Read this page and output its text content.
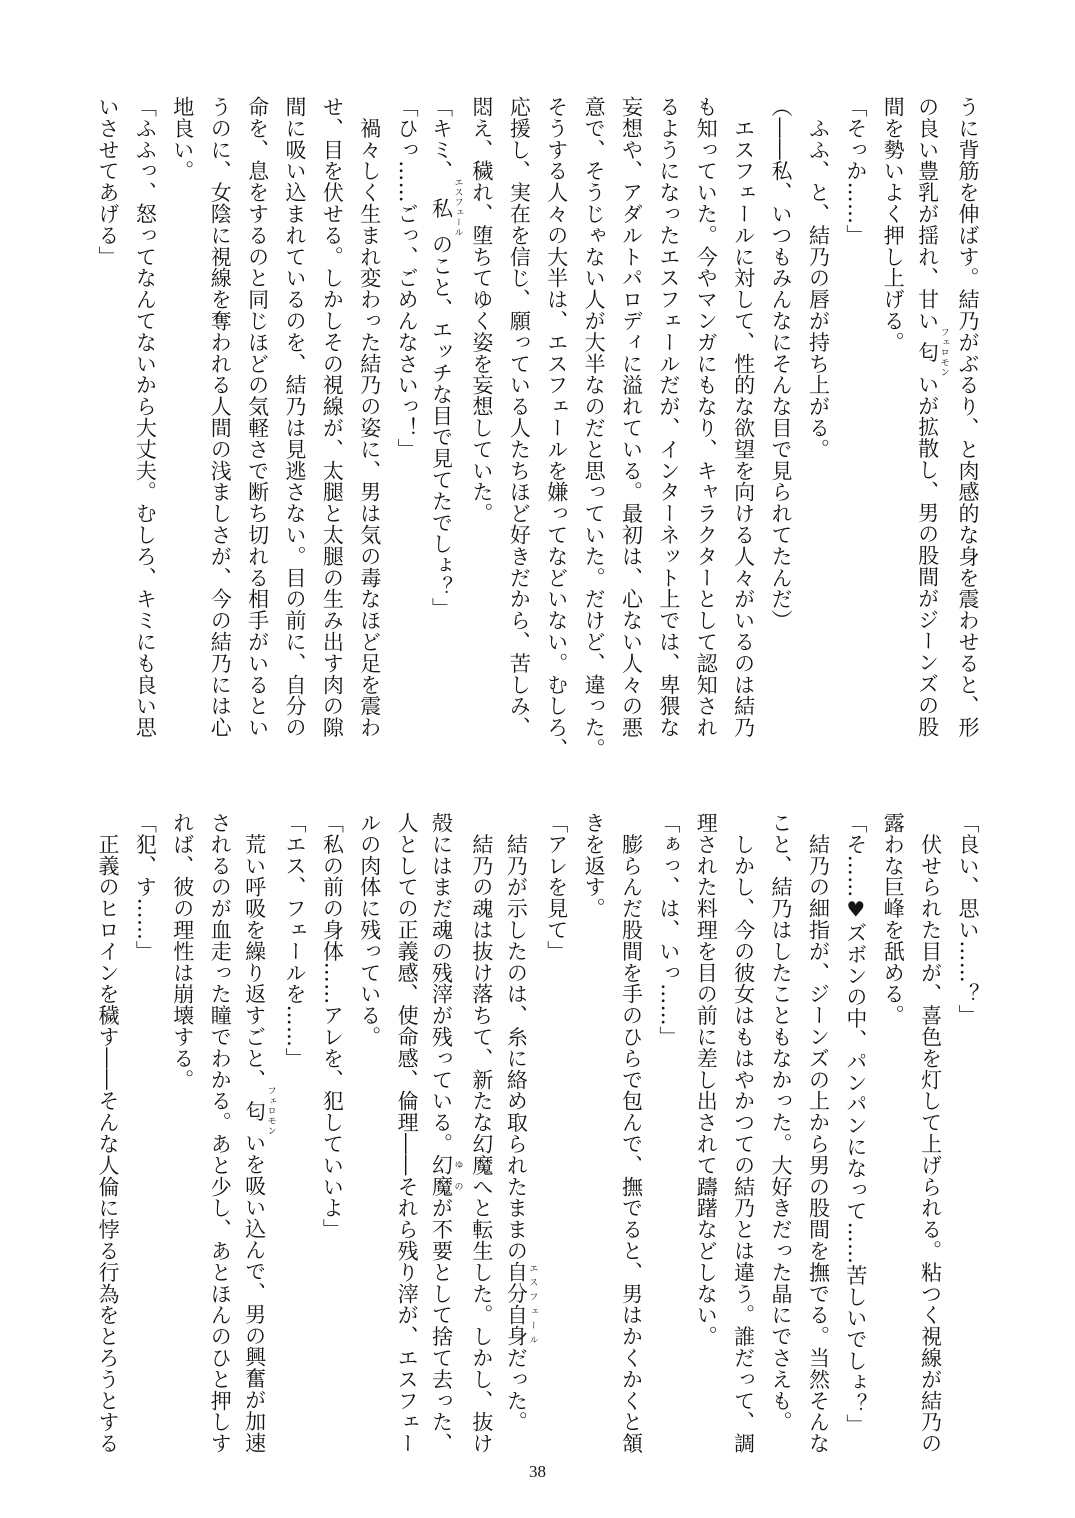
うに背筋を伸ばす。結乃がぶるり、と肉感的な身を震わせると、形
の良い豊乳が揺れ、甘い匂 フェロモンいが拡散し、男の股間がジーンズの股
間を勢いよく押し上げる。
「そっか……」
　ふふ、と、結乃の唇が持ち上がる。
（――私、いつもみんなにそんな目で見られてたんだ）
　エスフェールに対して、性的な欲望を向ける人々がいるのは結乃
も知っていた。今やマンガにもなり、キャラクターとして認知され
るようになったエスフェールだが、インターネット上では、卑猥な
妄想や、アダルトパロディに溢れている。最初は、心ない人々の悪
意で、そうじゃない人が大半なのだと思っていた。だけど、違った。
そうする人々の大半は、エスフェールを嫌ってなどいない。むしろ、
応援し、実在を信じ、願っている人たちほど好きだから、苦しみ、
悶え、穢れ、堕ちてゆく姿を妄想していた。
「キミ、私 エスフェールのこと、エッチな目で見てたでしょ？」
「ひっ……ごっ、ごめんなさいっ！」
　禍々しく生まれ変わった結乃の姿に、男は気の毒なほど足を震わ
せ、目を伏せる。しかしその視線が、太腿と太腿の生み出す肉の隙
間に吸い込まれているのを、結乃は見逃さない。目の前に、自分の
命を、息をするのと同じほどの気軽さで断ち切れる相手がいるとい
うのに、女陰に視線を奪われる人間の浅ましさが、今の結乃には心
地良い。
「ふふっ、怒ってなんてないから大丈夫。むしろ、キミにも良い思
いさせてあげる」
「良い、思い……？」
　伏せられた目が、喜色を灯して上げられる。粘つく視線が結乃の
露わな巨峰を舐める。
「そ……♥ズボンの中、パンパンになって……苦しいでしょ？」
　結乃の細指が、ジーンズの上から男の股間を撫でる。当然そんな
こと、結乃はしたこともなかった。大好きだった晶にでさえも。
　しかし、今の彼女はもはやかつての結乃とは違う。誰だって、調
理された料理を目の前に差し出されて躊躇などしない。
「ぁっ、は、いっ……」
　膨らんだ股間を手のひらで包んで、撫でると、男はかくかくと頷
きを返す。
「アレを見て」
　結乃が示したのは、糸に絡め取られたままの自分自身 エスフェールだった。
　結乃の魂は抜け落ちて、新たな幻魔へと転生した。しかし、抜け
殻にはまだ魂の残滓が残っている。幻魔 ゆのが不要として捨て去った、
人としての正義感、使命感、倫理――それら残り滓が、エスフェー
ルの肉体に残っている。
「私の前の身体……アレを、犯していいよ」
「エス、フェールを……」
　荒い呼吸を繰り返すごと、匂 フェロモンいを吸い込んで、男の興奮が加速
されるのが血走った瞳でわかる。あと少し、あとほんのひと押しす
れば、彼の理性は崩壊する。
「犯、す……」
　正義のヒロインを穢す――そんな人倫に悖る行為をとろうとする
38
